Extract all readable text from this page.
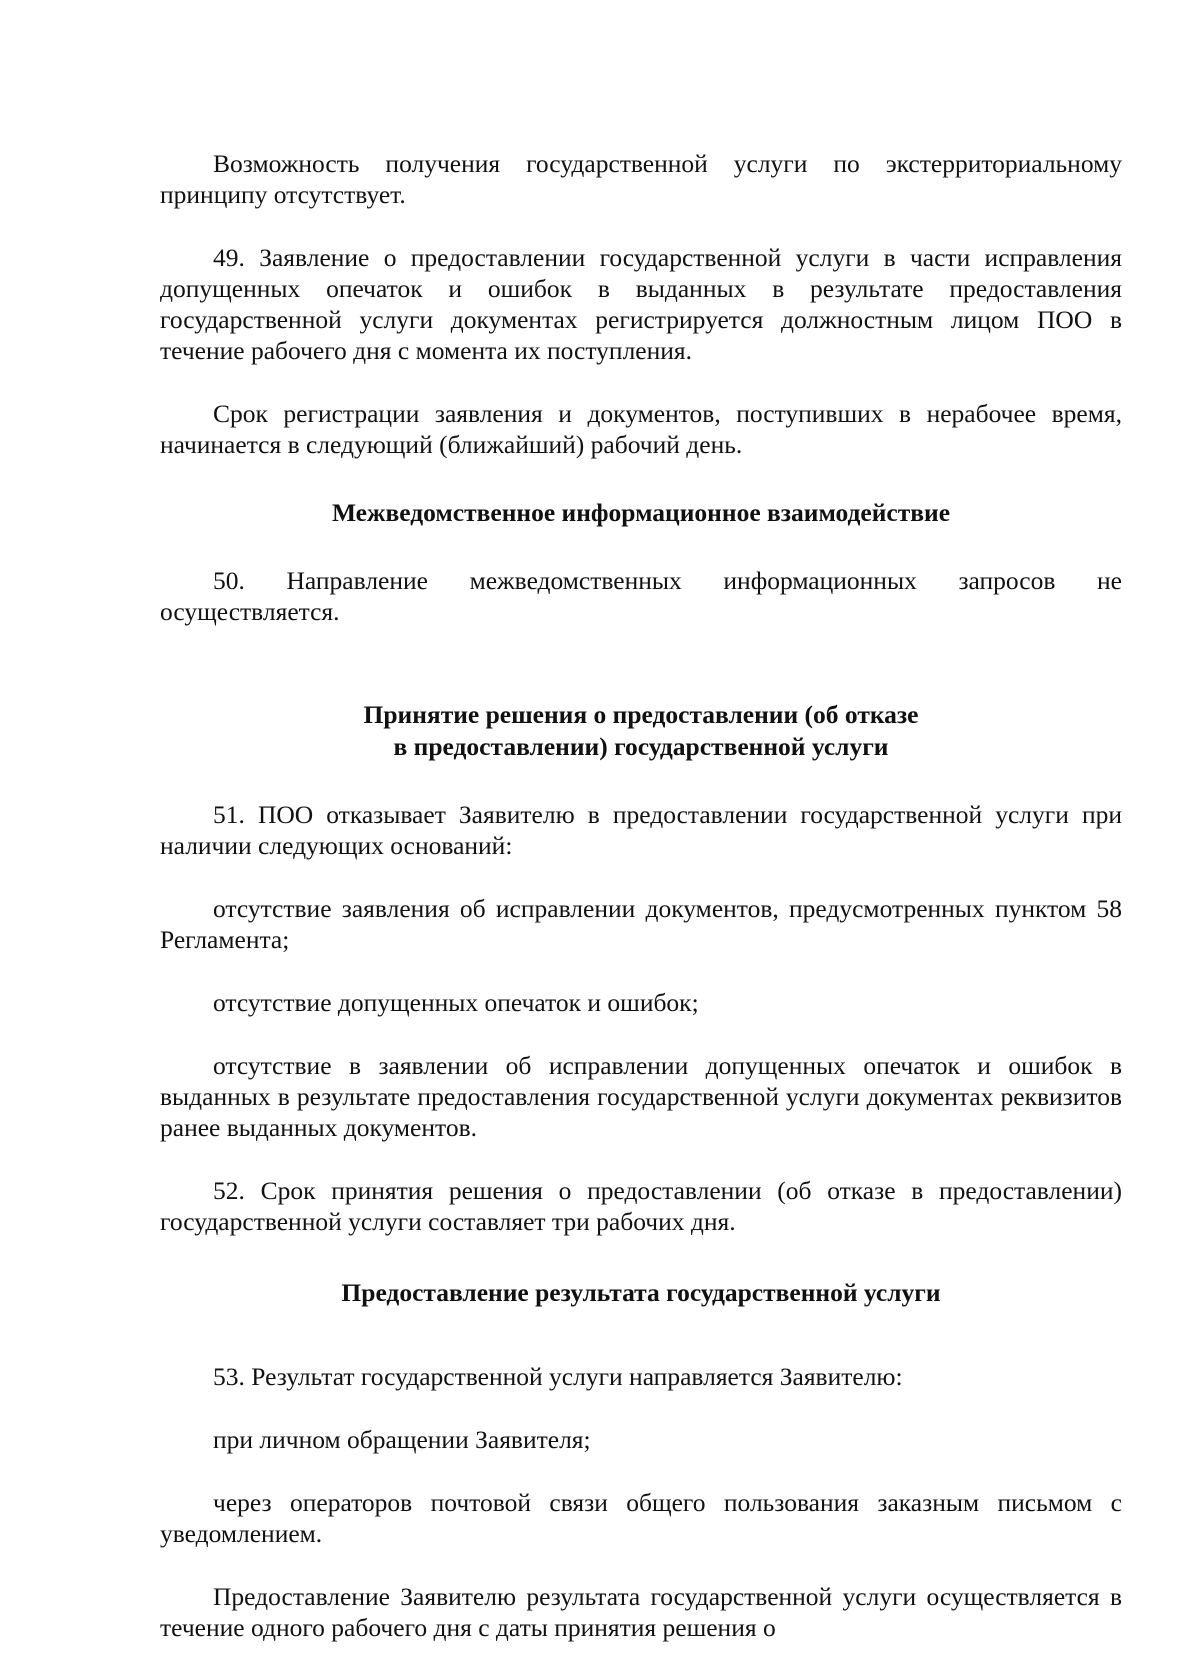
Возможность получения государственной услуги по экстерриториальному принципу отсутствует.

49. Заявление о предоставлении государственной услуги в части исправления допущенных опечаток и ошибок в выданных в результате предоставления государственной услуги документах регистрируется должностным лицом ПОО в течение рабочего дня с момента их поступления.

Срок регистрации заявления и документов, поступивших в нерабочее время, начинается в следующий (ближайший) рабочий день.

Межведомственное информационное взаимодействие

50. Направление межведомственных информационных запросов не осуществляется.

Принятие решения о предоставлении (об отказе
в предоставлении) государственной услуги

51. ПОО отказывает Заявителю в предоставлении государственной услуги при наличии следующих оснований:

отсутствие заявления об исправлении документов, предусмотренных пунктом 58 Регламента;

отсутствие допущенных опечаток и ошибок;

отсутствие в заявлении об исправлении допущенных опечаток и ошибок в выданных в результате предоставления государственной услуги документах реквизитов ранее выданных документов.

52. Срок принятия решения о предоставлении (об отказе в предоставлении) государственной услуги составляет три рабочих дня.

Предоставление результата государственной услуги

53. Результат государственной услуги направляется Заявителю:

при личном обращении Заявителя;

через операторов почтовой связи общего пользования заказным письмом с уведомлением.

Предоставление Заявителю результата государственной услуги осуществляется в течение одного рабочего дня с даты принятия решения о
